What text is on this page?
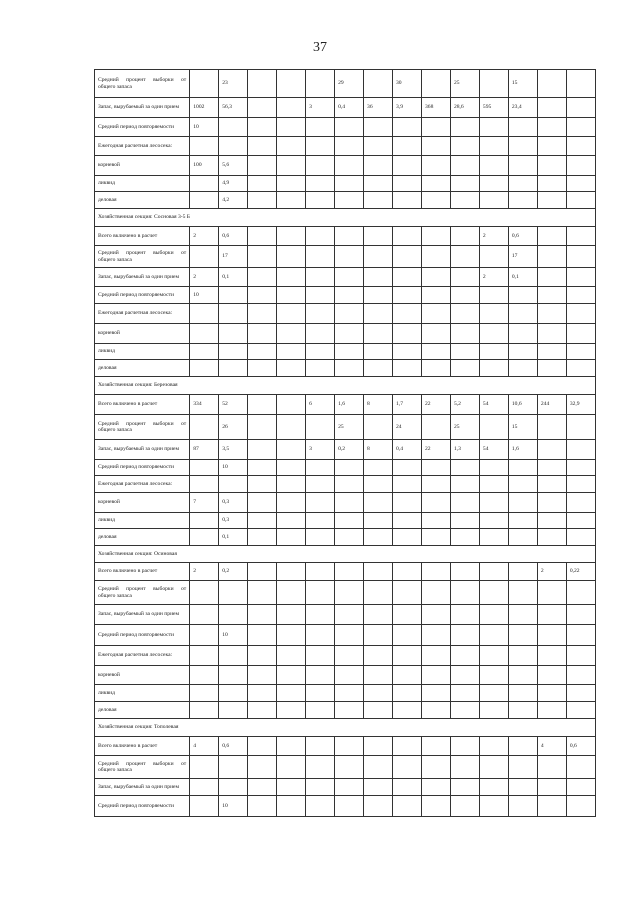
37
Средний процент выборки от общего запаса		23				29		30		25		15		
Запас, вырубаемый за один прием	1002	56,3			3	0,4	36	3,9	368	28,6	595	23,4		
Средний период повторяемости	10													
Ежегодная расчетная лесосека:														
корневой	100	5,6												
ликвид		4,9												
деловая		4,2												
Хозяйственная секция: Сосновая 3-5 Б														
Всего включено в расчет	2	0,6									2	0,6		
Средний процент выборки от общего запаса		17										17		
Запас, вырубаемый за один прием	2	0,1									2	0,1		
Средний период повторяемости	10													
Ежегодная расчетная лесосека:														
корневой														
ликвид														
деловая														
Хозяйственная секция: Березовая														
Всего включено в расчет	334	52			6	1,6	8	1,7	22	5,2	54	10,6	244	32,9
Средний процент выборки от общего запаса		26				25		24		25		15		
Запас, вырубаемый за один прием	87	3,5			3	0,2	8	0,4	22	1,3	54	1,6		
Средний период повторяемости		10												
Ежегодная расчетная лесосека:														
корневой	7	0,3												
ликвид		0,3												
деловая		0,1												
Хозяйственная секция: Осиновая														
Всего включено в расчет	2	0,2											2	0,22
Средний процент выборки от общего запаса														
Запас, вырубаемый за один прием														
Средний период повторяемости		10												
Ежегодная расчетная лесосека:														
корневой														
ликвид														
деловая														
Хозяйственная секция: Тополевая														
Всего включено в расчет	4	0,6											4	0,6
Средний процент выборки от общего запаса														
Запас, вырубаемый за один прием														
Средний период повторяемости		10												
